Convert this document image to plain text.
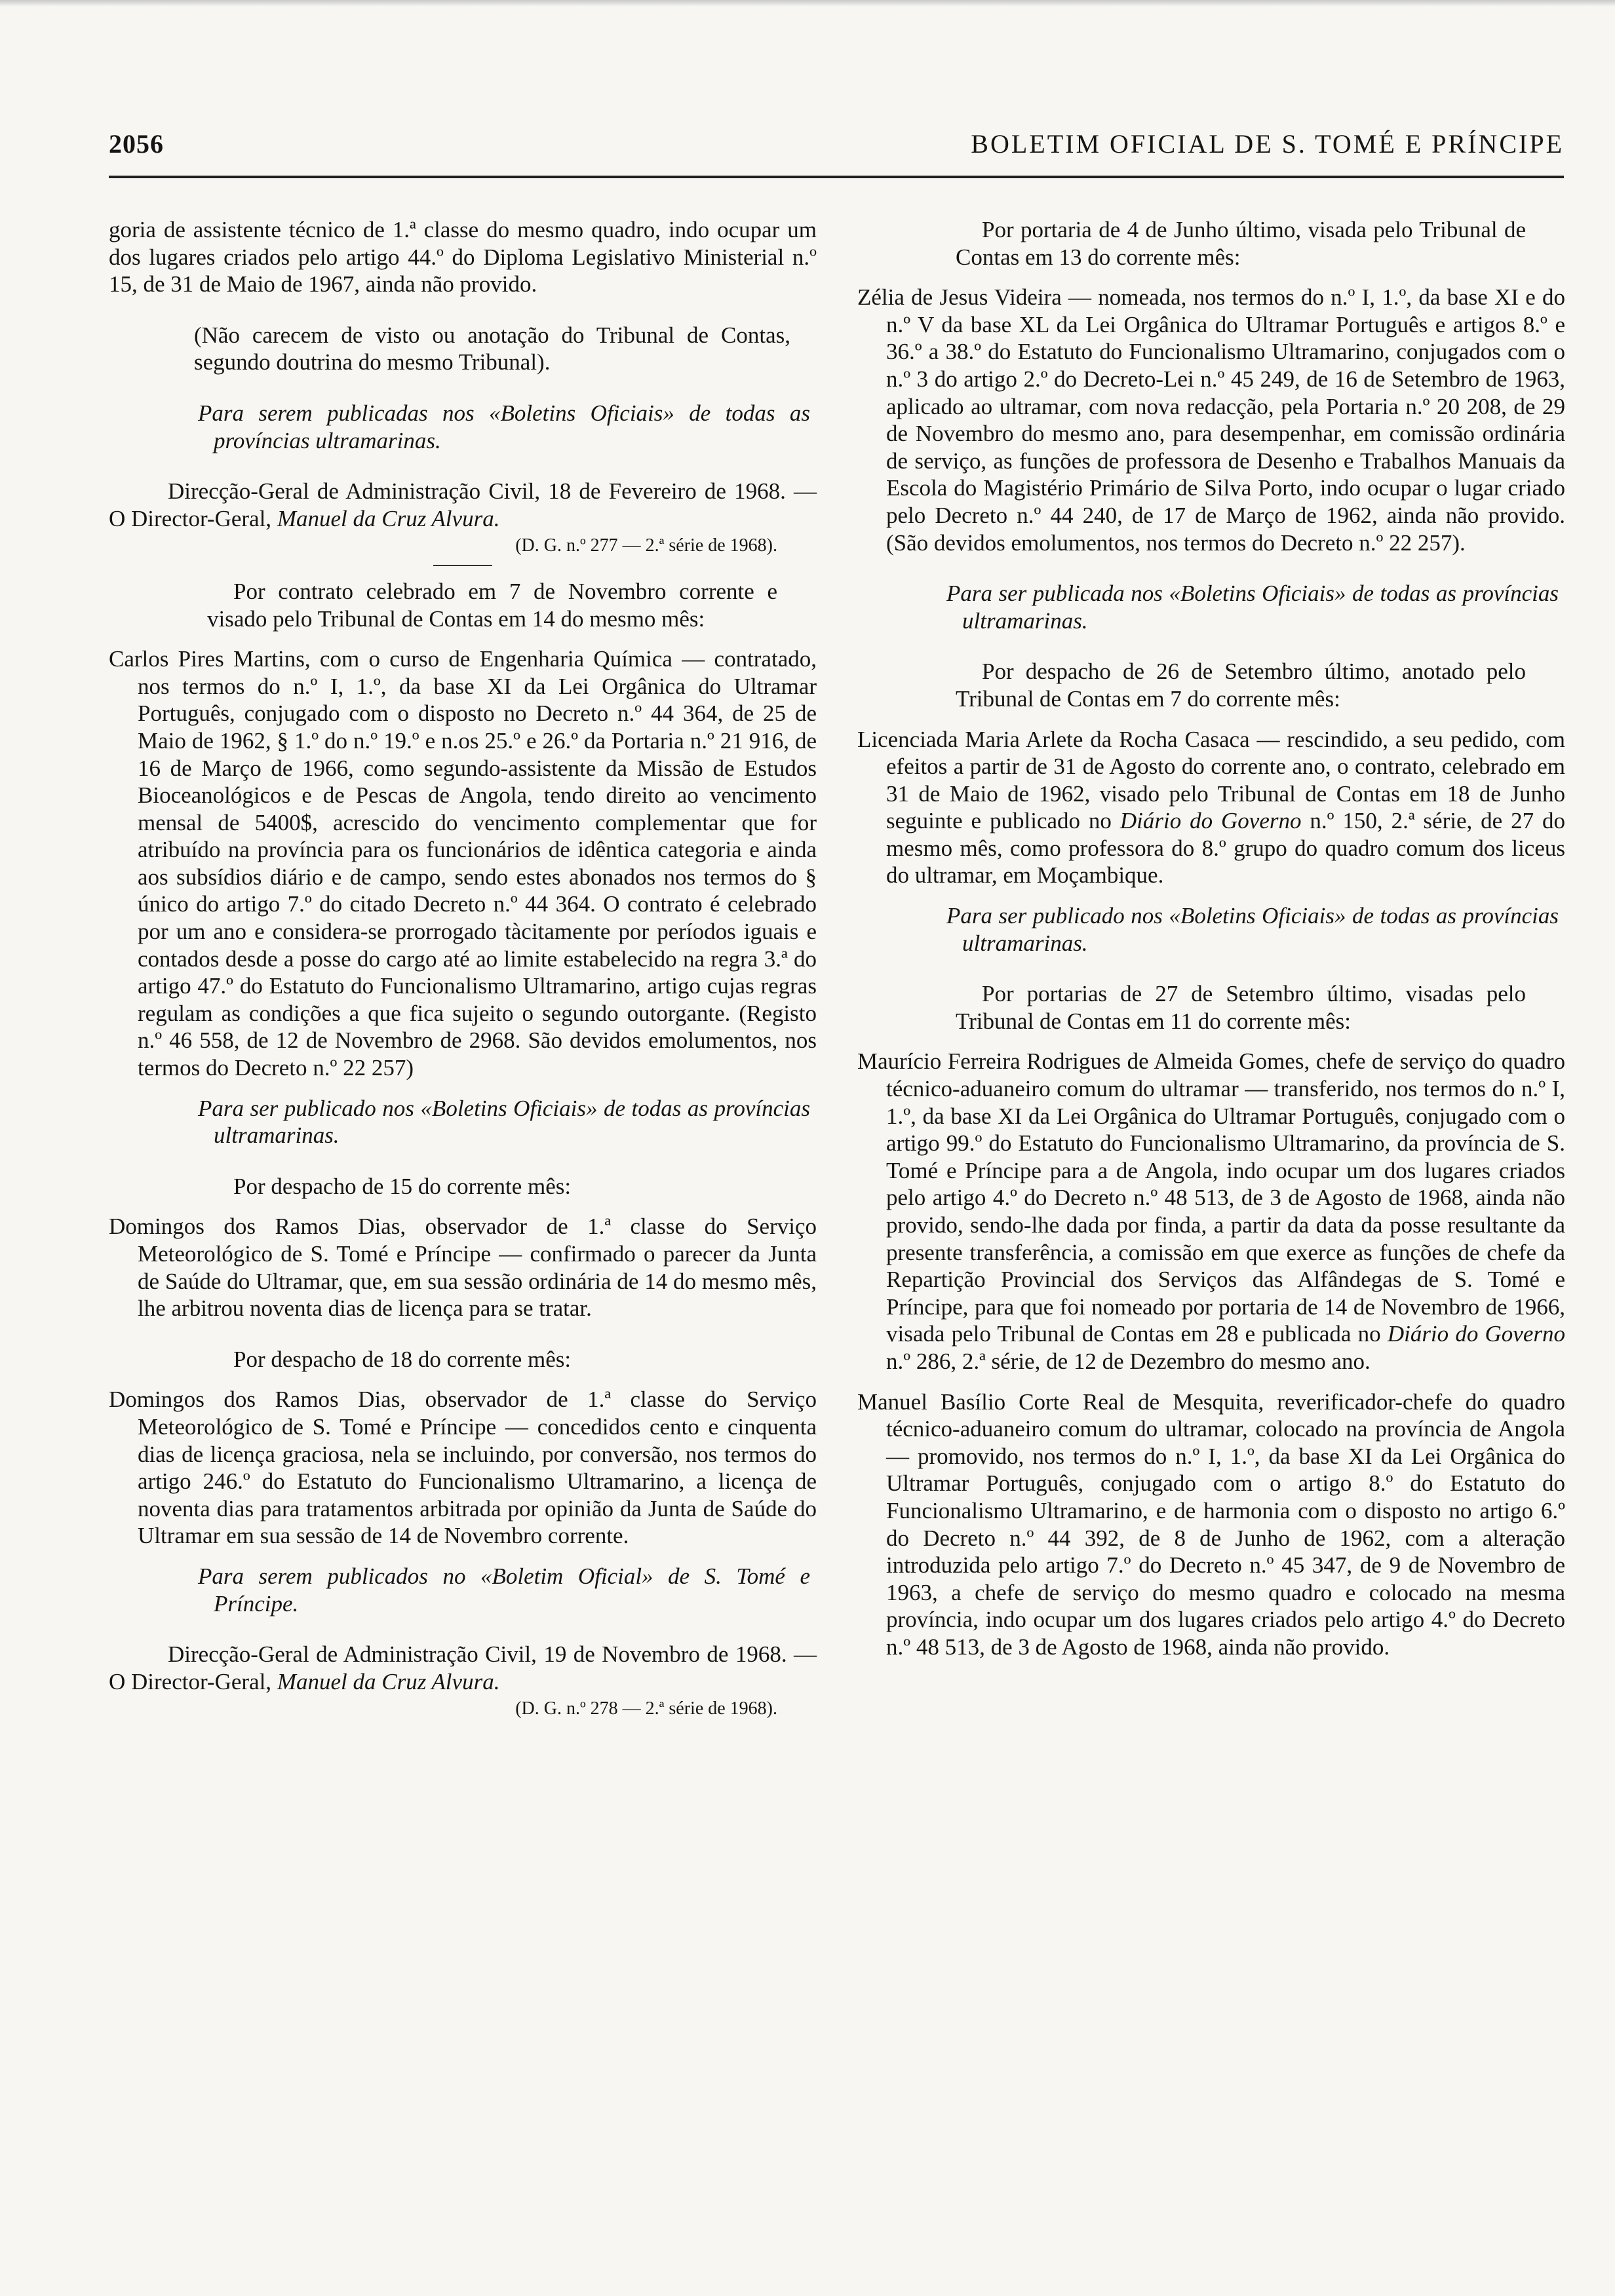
2056	BOLETIM OFICIAL DE S. TOMÉ E PRÍNCIPE

goria de assistente técnico de 1.ª classe do mesmo quadro, indo ocupar um dos lugares criados pelo artigo 44.º do Diploma Legislativo Ministerial n.º 15, de 31 de Maio de 1967, ainda não provido.

(Não carecem de visto ou anotação do Tribunal de Contas, segundo doutrina do mesmo Tribunal).

Para serem publicadas nos «Boletins Oficiais» de todas as províncias ultramarinas.

Direcção-Geral de Administração Civil, 18 de Fevereiro de 1968. — O Director-Geral, Manuel da Cruz Alvura.

(D. G. n.º 277 — 2.ª série de 1968).

Por contrato celebrado em 7 de Novembro corrente e visado pelo Tribunal de Contas em 14 do mesmo mês:

Carlos Pires Martins, com o curso de Engenharia Química — contratado, nos termos do n.º I, 1.º, da base XI da Lei Orgânica do Ultramar Português, conjugado com o disposto no Decreto n.º 44 364, de 25 de Maio de 1962, § 1.º do n.º 19.º e n.os 25.º e 26.º da Portaria n.º 21 916, de 16 de Março de 1966, como segundo-assistente da Missão de Estudos Bioceanológicos e de Pescas de Angola, tendo direito ao vencimento mensal de 5400$, acrescido do vencimento complementar que for atribuído na província para os funcionários de idêntica categoria e ainda aos subsídios diário e de campo, sendo estes abonados nos termos do § único do artigo 7.º do citado Decreto n.º 44 364. O contrato é celebrado por um ano e considera-se prorrogado tàcitamente por períodos iguais e contados desde a posse do cargo até ao limite estabelecido na regra 3.ª do artigo 47.º do Estatuto do Funcionalismo Ultramarino, artigo cujas regras regulam as condições a que fica sujeito o segundo outorgante. (Registo n.º 46 558, de 12 de Novembro de 2968. São devidos emolumentos, nos termos do Decreto n.º 22 257)

Para ser publicado nos «Boletins Oficiais» de todas as províncias ultramarinas.

Por despacho de 15 do corrente mês:

Domingos dos Ramos Dias, observador de 1.ª classe do Serviço Meteorológico de S. Tomé e Príncipe — confirmado o parecer da Junta de Saúde do Ultramar, que, em sua sessão ordinária de 14 do mesmo mês, lhe arbitrou noventa dias de licença para se tratar.

Por despacho de 18 do corrente mês:

Domingos dos Ramos Dias, observador de 1.ª classe do Serviço Meteorológico de S. Tomé e Príncipe — concedidos cento e cinquenta dias de licença graciosa, nela se incluindo, por conversão, nos termos do artigo 246.º do Estatuto do Funcionalismo Ultramarino, a licença de noventa dias para tratamentos arbitrada por opinião da Junta de Saúde do Ultramar em sua sessão de 14 de Novembro corrente.

Para serem publicados no «Boletim Oficial» de S. Tomé e Príncipe.

Direcção-Geral de Administração Civil, 19 de Novembro de 1968. — O Director-Geral, Manuel da Cruz Alvura.

(D. G. n.º 278 — 2.ª série de 1968).

Por portaria de 4 de Junho último, visada pelo Tribunal de Contas em 13 do corrente mês:

Zélia de Jesus Videira — nomeada, nos termos do n.º I, 1.º, da base XI e do n.º V da base XL da Lei Orgânica do Ultramar Português e artigos 8.º e 36.º a 38.º do Estatuto do Funcionalismo Ultramarino, conjugados com o n.º 3 do artigo 2.º do Decreto-Lei n.º 45 249, de 16 de Setembro de 1963, aplicado ao ultramar, com nova redacção, pela Portaria n.º 20 208, de 29 de Novembro do mesmo ano, para desempenhar, em comissão ordinária de serviço, as funções de professora de Desenho e Trabalhos Manuais da Escola do Magistério Primário de Silva Porto, indo ocupar o lugar criado pelo Decreto n.º 44 240, de 17 de Março de 1962, ainda não provido. (São devidos emolumentos, nos termos do Decreto n.º 22 257).

Para ser publicada nos «Boletins Oficiais» de todas as províncias ultramarinas.

Por despacho de 26 de Setembro último, anotado pelo Tribunal de Contas em 7 do corrente mês:

Licenciada Maria Arlete da Rocha Casaca — rescindido, a seu pedido, com efeitos a partir de 31 de Agosto do corrente ano, o contrato, celebrado em 31 de Maio de 1962, visado pelo Tribunal de Contas em 18 de Junho seguinte e publicado no Diário do Governo n.º 150, 2.ª série, de 27 do mesmo mês, como professora do 8.º grupo do quadro comum dos liceus do ultramar, em Moçambique.

Para ser publicado nos «Boletins Oficiais» de todas as províncias ultramarinas.

Por portarias de 27 de Setembro último, visadas pelo Tribunal de Contas em 11 do corrente mês:

Maurício Ferreira Rodrigues de Almeida Gomes, chefe de serviço do quadro técnico-aduaneiro comum do ultramar — transferido, nos termos do n.º I, 1.º, da base XI da Lei Orgânica do Ultramar Português, conjugado com o artigo 99.º do Estatuto do Funcionalismo Ultramarino, da província de S. Tomé e Príncipe para a de Angola, indo ocupar um dos lugares criados pelo artigo 4.º do Decreto n.º 48 513, de 3 de Agosto de 1968, ainda não provido, sendo-lhe dada por finda, a partir da data da posse resultante da presente transferência, a comissão em que exerce as funções de chefe da Repartição Provincial dos Serviços das Alfândegas de S. Tomé e Príncipe, para que foi nomeado por portaria de 14 de Novembro de 1966, visada pelo Tribunal de Contas em 28 e publicada no Diário do Governo n.º 286, 2.ª série, de 12 de Dezembro do mesmo ano.

Manuel Basílio Corte Real de Mesquita, reverificador-chefe do quadro técnico-aduaneiro comum do ultramar, colocado na província de Angola — promovido, nos termos do n.º I, 1.º, da base XI da Lei Orgânica do Ultramar Português, conjugado com o artigo 8.º do Estatuto do Funcionalismo Ultramarino, e de harmonia com o disposto no artigo 6.º do Decreto n.º 44 392, de 8 de Junho de 1962, com a alteração introduzida pelo artigo 7.º do Decreto n.º 45 347, de 9 de Novembro de 1963, a chefe de serviço do mesmo quadro e colocado na mesma província, indo ocupar um dos lugares criados pelo artigo 4.º do Decreto n.º 48 513, de 3 de Agosto de 1968, ainda não provido.
